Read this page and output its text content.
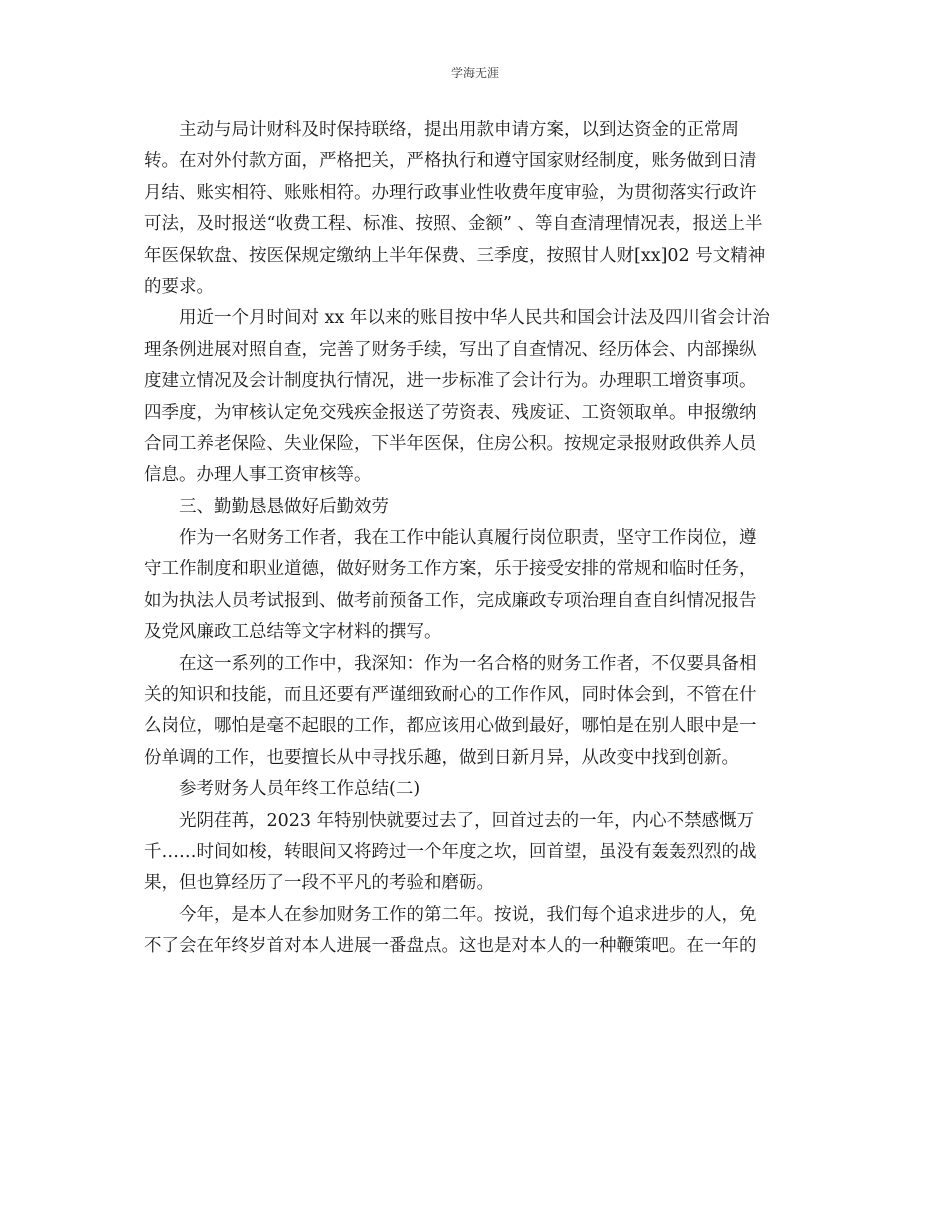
学海无涯
主动与局计财科及时保持联络，提出用款申请方案，以到达资金的正常周
转。在对外付款方面，严格把关，严格执行和遵守国家财经制度，账务做到日清
月结、账实相符、账账相符。办理行政事业性收费年度审验，为贯彻落实行政许
可法，及时报送“收费工程、标准、按照、金额” 、等自查清理情况表，报送上半
年医保软盘、按医保规定缴纳上半年保费、三季度，按照甘人财[xx]02 号文精神
的要求。
用近一个月时间对 xx 年以来的账目按中华人民共和国会计法及四川省会计治
理条例进展对照自查，完善了财务手续，写出了自查情况、经历体会、内部操纵
度建立情况及会计制度执行情况，进一步标准了会计行为。办理职工增资事项。
四季度，为审核认定免交残疾金报送了劳资表、残废证、工资领取单。申报缴纳
合同工养老保险、失业保险，下半年医保，住房公积。按规定录报财政供养人员
信息。办理人事工资审核等。
三、勤勤恳恳做好后勤效劳
作为一名财务工作者，我在工作中能认真履行岗位职责，坚守工作岗位，遵
守工作制度和职业道德，做好财务工作方案，乐于接受安排的常规和临时任务，
如为执法人员考试报到、做考前预备工作，完成廉政专项治理自查自纠情况报告
及党风廉政工总结等文字材料的撰写。
在这一系列的工作中，我深知：作为一名合格的财务工作者，不仅要具备相
关的知识和技能，而且还要有严谨细致耐心的工作作风，同时体会到，不管在什
么岗位，哪怕是毫不起眼的工作，都应该用心做到最好，哪怕是在别人眼中是一
份单调的工作，也要擅长从中寻找乐趣，做到日新月异，从改变中找到创新。
参考财务人员年终工作总结(二)
光阴荏苒，2023 年特别快就要过去了，回首过去的一年，内心不禁感慨万
千……时间如梭，转眼间又将跨过一个年度之坎，回首望，虽没有轰轰烈烈的战
果，但也算经历了一段不平凡的考验和磨砺。
今年，是本人在参加财务工作的第二年。按说，我们每个追求进步的人，免
不了会在年终岁首对本人进展一番盘点。这也是对本人的一种鞭策吧。在一年的
